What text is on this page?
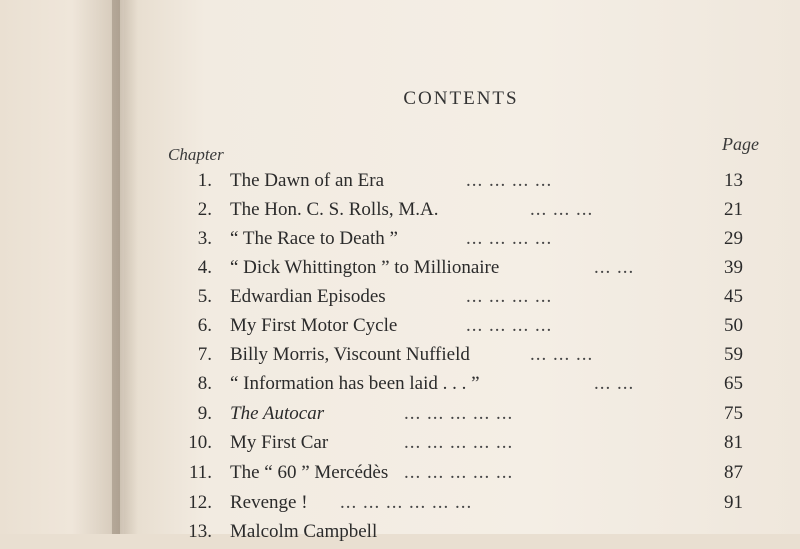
CONTENTS
Chapter
Page
1. The Dawn of an Era	... ... ... ...	13
2. The Hon. C. S. Rolls, M.A.	... ... ...	21
3. “ The Race to Death ”	... ... ... ...	29
4. “ Dick Whittington ” to Millionaire	... ...	39
5. Edwardian Episodes	... ... ... ...	45
6. My First Motor Cycle	... ... ... ...	50
7. Billy Morris, Viscount Nuffield	... ... ...	59
8. “ Information has been laid . . . ”	... ...	65
9. The Autocar	... ... ... ... ...	75
10. My First Car	... ... ... ... ...	81
11. The “ 60 ” Mercédès ... ... ... ... ...	87
12. Revenge ! ... ... ... ... ... ...	91
13. Malcolm Campbell
